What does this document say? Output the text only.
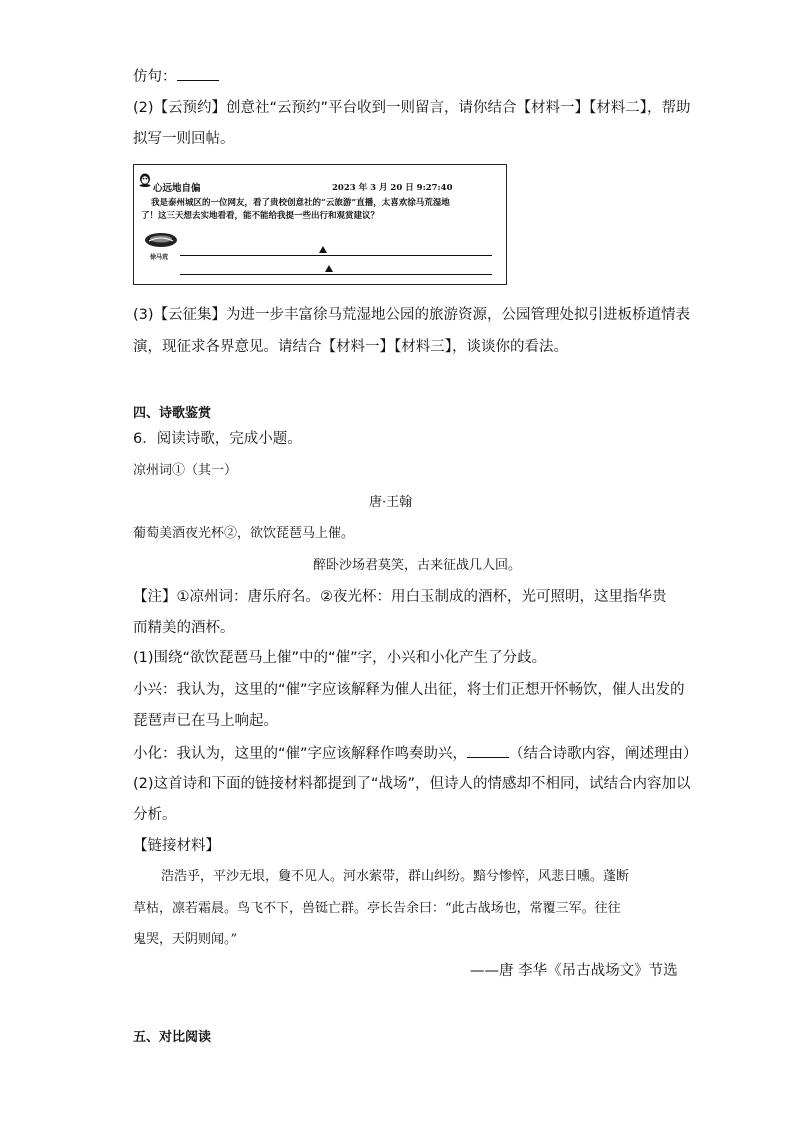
仿句：
(2)【云预约】创意社“云预约”平台收到一则留言，请你结合【材料一】【材料二】，帮助
拟写一则回帖。
心远地自偏	2023 年 3 月 20 日 9:27:40
我是泰州城区的一位网友，看了贵校创意社的“云旅游”直播，太喜欢徐马荒湿地
了！这三天想去实地看看，能不能给我提一些出行和观赏建议？
徐马荒
(3)【云征集】为进一步丰富徐马荒湿地公园的旅游资源，公园管理处拟引进板桥道情表
演，现征求各界意见。请结合【材料一】【材料三】，谈谈你的看法。
四、诗歌鉴赏
6．阅读诗歌，完成小题。
凉州词①（其一）
唐·王翰
葡萄美酒夜光杯②，欲饮琵琶马上催。
醉卧沙场君莫笑，古来征战几人回。
【注】①凉州词：唐乐府名。②夜光杯：用白玉制成的酒杯，光可照明，这里指华贵
而精美的酒杯。
(1)围绕“欲饮琵琶马上催”中的“催”字，小兴和小化产生了分歧。
小兴：我认为，这里的“催”字应该解释为催人出征，将士们正想开怀畅饮，催人出发的
琵琶声已在马上响起。
小化：我认为，这里的“催”字应该解释作鸣奏助兴，	（结合诗歌内容，阐述理由）
(2)这首诗和下面的链接材料都提到了“战场”，但诗人的情感却不相同，试结合内容加以
分析。
【链接材料】
浩浩乎，平沙无垠，敻不见人。河水萦带，群山纠纷。黯兮惨悴，风悲日曛。蓬断
草枯，凛若霜晨。鸟飞不下，兽铤亡群。亭长告余曰：“此古战场也，常覆三军。往往
鬼哭，天阴则闻。”
——唐 李华《吊古战场文》节选
五、对比阅读
